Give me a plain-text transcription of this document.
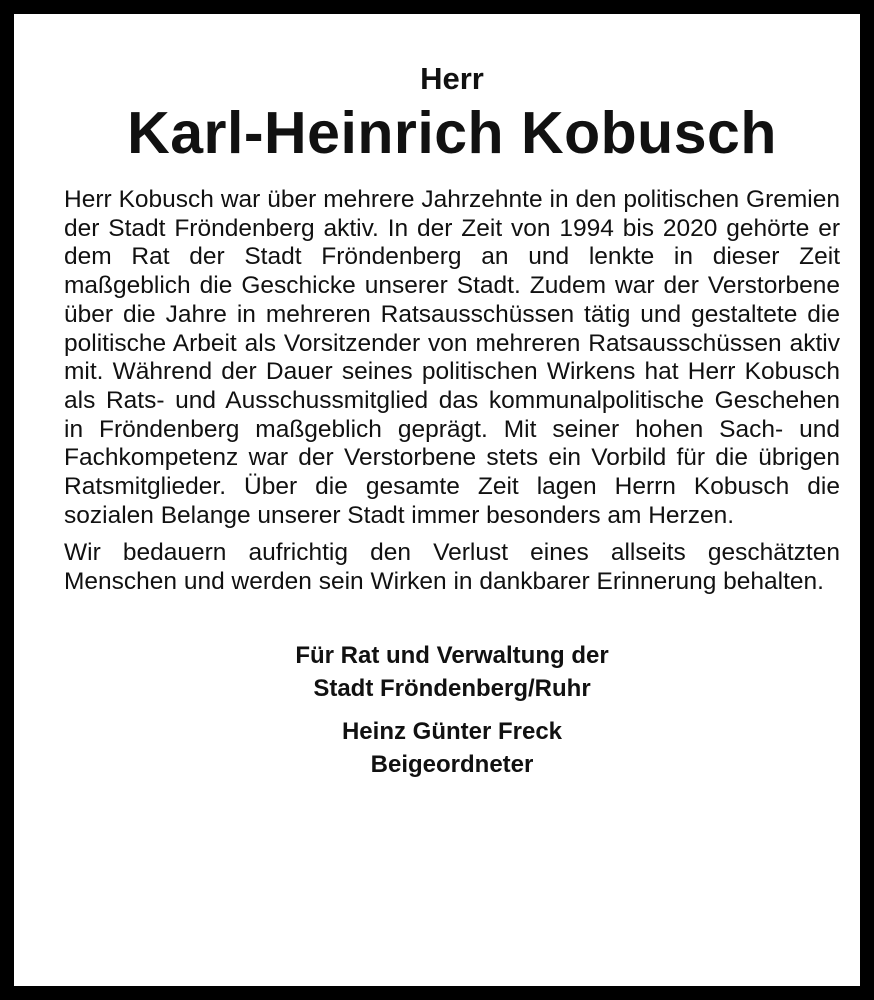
Herr
Karl-Heinrich Kobusch

Herr Kobusch war über mehrere Jahrzehnte in den politischen Gremien der Stadt Fröndenberg aktiv. In der Zeit von 1994 bis 2020 gehörte er dem Rat der Stadt Fröndenberg an und lenkte in dieser Zeit maßgeblich die Geschicke unserer Stadt. Zudem war der Verstorbene über die Jahre in mehreren Ratsausschüssen tätig und gestaltete die politische Arbeit als Vorsitzender von mehreren Ratsausschüssen aktiv mit. Während der Dauer seines politischen Wirkens hat Herr Kobusch als Rats- und Ausschussmitglied das kommunalpolitische Geschehen in Fröndenberg maßgeblich geprägt. Mit seiner hohen Sach- und Fachkompetenz war der Verstorbene stets ein Vorbild für die übrigen Ratsmitglieder. Über die gesamte Zeit lagen Herrn Kobusch die sozialen Belange unserer Stadt immer besonders am Herzen.

Wir bedauern aufrichtig den Verlust eines allseits geschätzten Menschen und werden sein Wirken in dankbarer Erinnerung behalten.

Für Rat und Verwaltung der
Stadt Fröndenberg/Ruhr
Heinz Günter Freck
Beigeordneter
